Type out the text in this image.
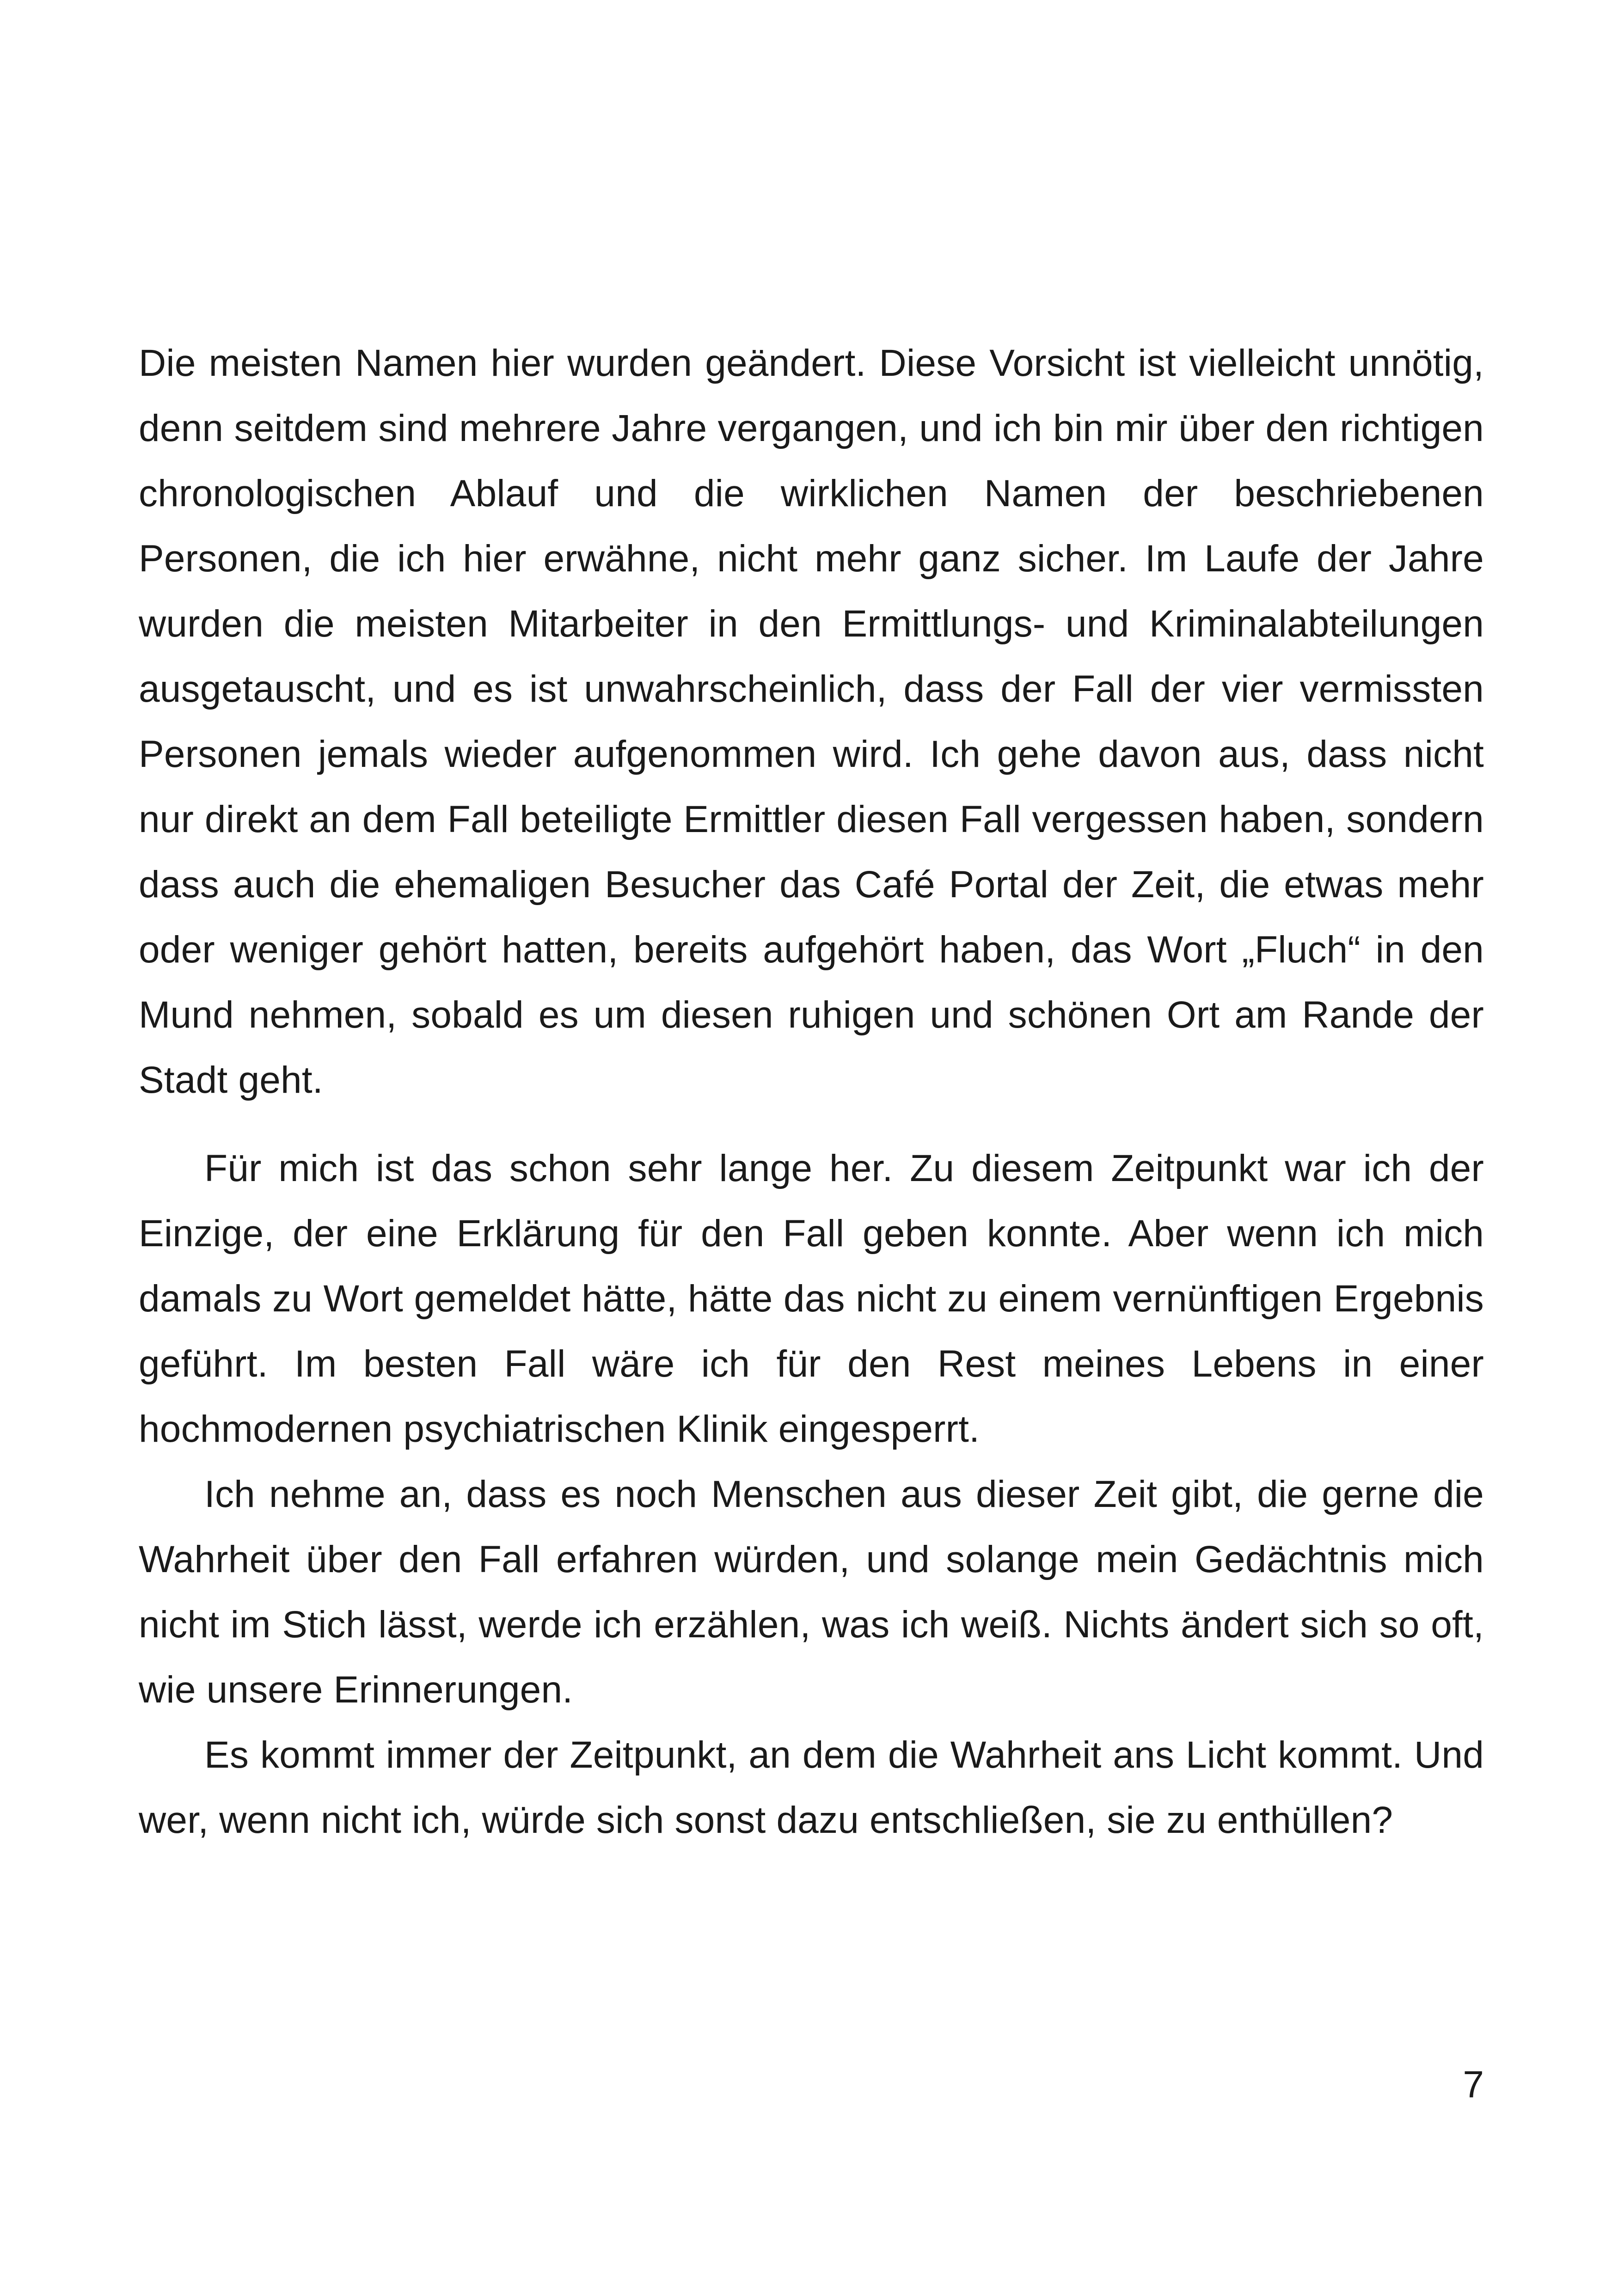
Die meisten Namen hier wurden geändert. Diese Vorsicht ist vielleicht unnötig, denn seitdem sind mehrere Jahre vergangen, und ich bin mir über den richtigen chronologischen Ablauf und die wirklichen Namen der beschriebenen Personen, die ich hier erwähne, nicht mehr ganz sicher. Im Laufe der Jahre wurden die meisten Mitarbeiter in den Ermittlungs- und Kriminalabteilungen ausgetauscht, und es ist unwahrscheinlich, dass der Fall der vier vermissten Personen jemals wieder aufgenommen wird. Ich gehe davon aus, dass nicht nur direkt an dem Fall beteiligte Ermittler diesen Fall vergessen haben, sondern dass auch die ehemaligen Besucher das Café Portal der Zeit, die etwas mehr oder weniger gehört hatten, bereits aufgehört haben, das Wort „Fluch“ in den Mund nehmen, sobald es um diesen ruhigen und schönen Ort am Rande der Stadt geht.

Für mich ist das schon sehr lange her. Zu diesem Zeitpunkt war ich der Einzige, der eine Erklärung für den Fall geben konnte. Aber wenn ich mich damals zu Wort gemeldet hätte, hätte das nicht zu einem vernünftigen Ergebnis geführt. Im besten Fall wäre ich für den Rest meines Lebens in einer hochmodernen psychiatrischen Klinik eingesperrt.

Ich nehme an, dass es noch Menschen aus dieser Zeit gibt, die gerne die Wahrheit über den Fall erfahren würden, und solange mein Gedächtnis mich nicht im Stich lässt, werde ich erzählen, was ich weiß. Nichts ändert sich so oft, wie unsere Erinnerungen.

Es kommt immer der Zeitpunkt, an dem die Wahrheit ans Licht kommt. Und wer, wenn nicht ich, würde sich sonst dazu entschließen, sie zu enthüllen?

7
